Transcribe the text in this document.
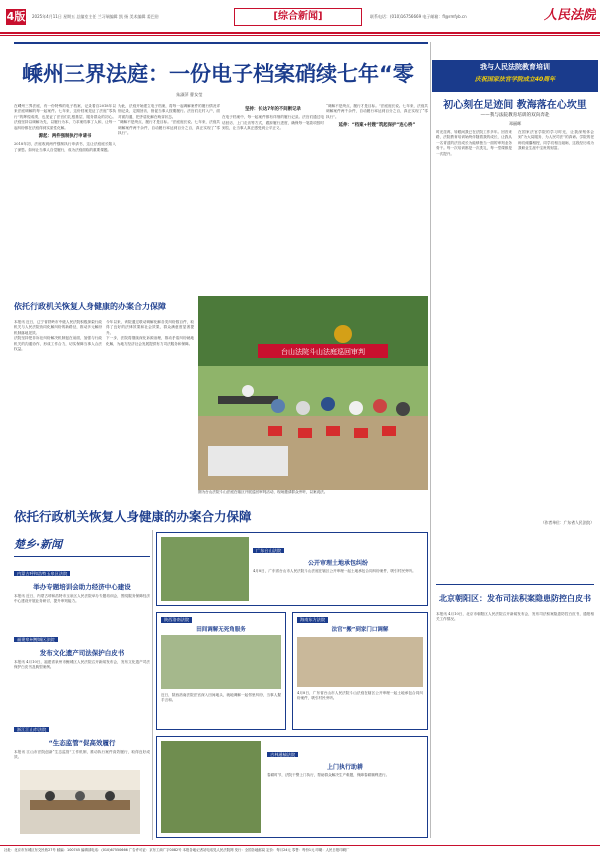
4版 2025年4月11日 星期五 总编室主任 兰习瑞编辑 凯 扬 美术编辑 姜巴俗	[综合新闻]	联系电话：(010)16756669 电子邮箱：fl@rmfyb.cn	人民法院
嵊州三界法庭：一份电子档案硝续七年“零
朱淑萍 曹女莹

在嵊州三界法庭，有一份特殊的电子档案，记录着自2018年以来法庭调解的每一起案件。七年来，这份档案见证了法庭“零执行”的辉煌成绩，也见证了法官们扎根基层、服务群众的初心。法庭坚持以调解为先，以履行为本，力求案结事了人和，让每一起纠纷都在法庭得到实质性化解。

源起：两件强制执行申请书

2018年初，法庭收到两件强制执行申请书，这让法庭庭长陷入了深思。如何让当事人自觉履行，成为法庭面临的重要课题。

为此，法庭开始建立电子档案，将每一起调解案件的履行情况详细记录，定期回访，督促当事人按期履行。法官们走村入户，面对面沟通，把矛盾化解在萌芽状态。

“调解不是终点，履行才是目标。”法庭庭长说。七年来，法庭共调解案件两千余件，自动履行率达到百分之百，真正实现了“零执行”。

坚持：长达7年的不间断记录

在电子档案中，每一起案件都有详细的履行记录。法官们通过电话回访、上门走访等方式，跟踪履行进度，确保每一笔款项按时到位，让当事人真正感受到公平正义。

“调解不是终点，履行才是目标。”法庭庭长说。七年来，法庭共调解案件两千余件，自动履行率达到百分之百，真正实现了“零执行”。

延伸：“档案+村嫂”筑起保护“连心桥”

依托行政机关恢复人身健康的办案合力保障

本报讯 近日，辽宁省铁岭市中级人民法院积极探索行政机关与人民法院协同化解纠纷的新路径，推动多元解纷机制落地见效。

法院坚持把非诉讼纠纷解决机制挺在前面，加强与行政机关的沟通协作，形成工作合力，切实保障当事人合法权益。

今年以来，该院通过联动调解化解各类纠纷数百件，取得了良好的法律效果和社会效果，群众满意度显著提升。

下一步，法院将继续深化诉源治理，推动矛盾纠纷就地化解，为地方经济社会发展提供有力司法服务和保障。

台山法院斗山法庭巡回审判
图为台山法院斗山法庭在辖区开展巡回审判活动，现场邀请群众旁听，以案说法。
依托行政机关恢复人身健康的办案合力保障
楚乡·新闻
内蒙古呼和浩特玉泉区法院
举办专题培训会助力经济中心建设
本报讯 近日，内蒙古呼和浩特市玉泉区人民法院举办专题培训会，围绕服务保障经济中心建设开展业务研讨，提升审判能力。
福建泉州鲤城区法院
发布文化遗产司法保护白皮书
本报讯 4月10日，福建省泉州市鲤城区人民法院召开新闻发布会，发布文化遗产司法保护白皮书及典型案例。
浙江江山市法院
“生态监管”促高效履行
本报讯 江山市法院创新“生态监管”工作机制，推动执行案件高效履行，取得良好成效。
广东台山法院
公开审理土地承包纠纷
4月8日，广东省台山市人民法院斗山法庭在辖区公开审理一起土地承包合同纠纷案件，吸引村民旁听。
陕西洛南法院
田间调解无死角服务
近日，陕西洛南法院法官深入田间地头，就地调解一起邻里纠纷，当事人握手言和。
海南东方法院
法官“搬”到家门口调解
4月8日，广东省台山市人民法院斗山法庭在辖区公开审理一起土地承包合同纠纷案件，吸引村民旁听。
吉林通榆法院
上门执行助耕
春耕时节，法院干警上门执行，帮助群众解决生产难题，保障春耕顺利进行。
我与人民法院教育培训
庆祝国家法官学院成立40周年
初心刻在足迹间 教海落在心坎里
——我与法院教育培训的双向奔赴
邓丽晖

时光荏苒，转眼间我已在法院工作多年。回首来路，法院教育培训始终伴随着我的成长，让我从一名青涩的法官成长为能够独当一面的审判业务骨干。每一次培训都是一次洗礼，每一堂课都是一次提升。

在国家法官学院的学习时光，让我深刻体会到“为大局服务、为人民司法”的真谛。学院的老师们倾囊相授，同学们相互砥砺，这段经历成为我职业生涯中宝贵的财富。

（作者单位：广东省人民法院）
北京朝阳区：发布司法积案隐患防控白皮书
本报讯 4月10日，北京市朝阳区人民法院召开新闻发布会，发布司法积案隐患防控白皮书，通报相关工作情况。
社址：北京市东城区东交民巷27号 邮编：100745 编辑部电话：(010)67550666 广告许可证：京东工商广字0082号 本报各地记者站电话见人民法院网 发行：全国各地邮局 定价：每月24元 零售：每份1元 印刷：人民日报印刷厂
